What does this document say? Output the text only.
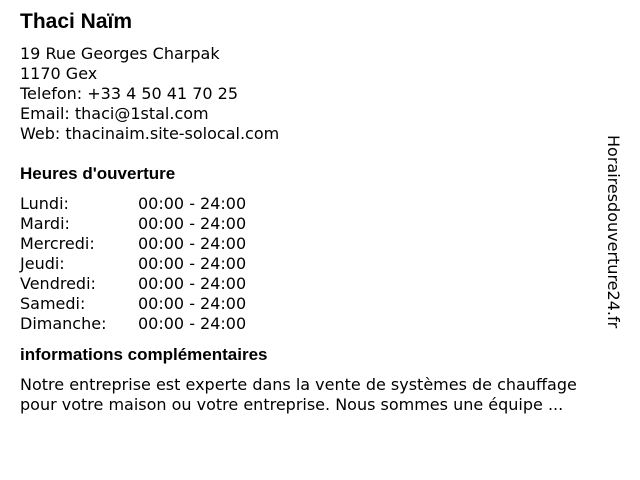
Thaci Naïm
19 Rue Georges Charpak
1170 Gex
Telefon: +33 4 50 41 70 25
Email: thaci@1stal.com
Web: thacinaim.site-solocal.com
Heures d'ouverture
Lundi:	00:00 - 24:00
Mardi:	00:00 - 24:00
Mercredi:	00:00 - 24:00
Jeudi:	00:00 - 24:00
Vendredi:	00:00 - 24:00
Samedi:	00:00 - 24:00
Dimanche: 00:00 - 24:00
informations complémentaires
Notre entreprise est experte dans la vente de systèmes de chauffage
pour votre maison ou votre entreprise. Nous sommes une équipe ...
Horairesdouverture24.fr
